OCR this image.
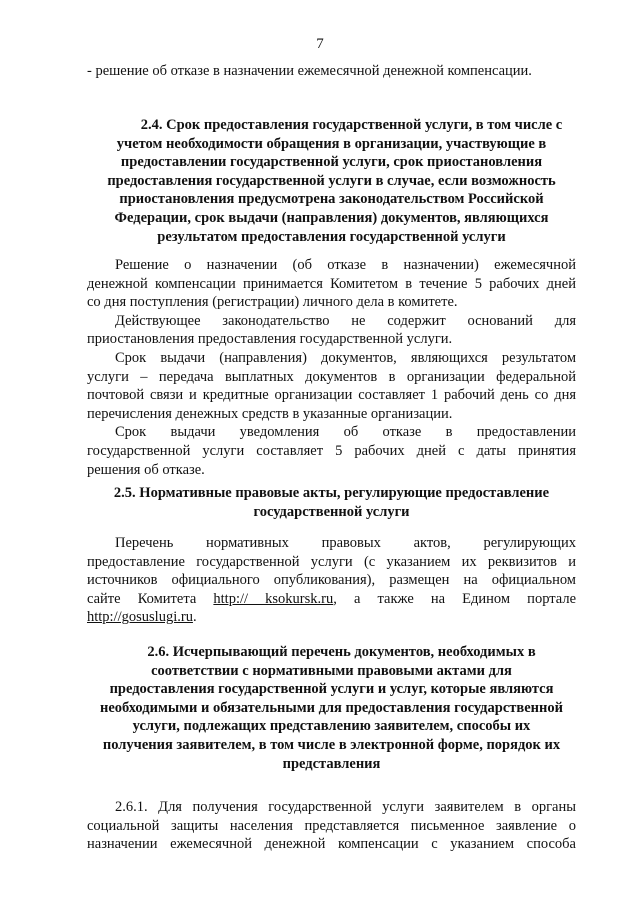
7
- решение об отказе в назначении ежемесячной денежной компенсации.
2.4. Срок предоставления государственной услуги, в том числе с
учетом необходимости обращения в организации, участвующие в
предоставлении государственной услуги, срок приостановления
предоставления государственной услуги в случае, если возможность
приостановления предусмотрена законодательством Российской
Федерации, срок выдачи (направления) документов, являющихся
результатом предоставления государственной услуги
Решение о назначении (об отказе в назначении) ежемесячной
денежной компенсации принимается Комитетом в течение 5 рабочих дней
со дня поступления (регистрации) личного дела в комитете.
Действующее законодательство не содержит оснований для
приостановления предоставления государственной услуги.
Срок выдачи (направления) документов, являющихся результатом
услуги – передача выплатных документов в организации федеральной
почтовой связи и кредитные организации составляет 1 рабочий день со дня
перечисления денежных средств в указанные организации.
Срок выдачи уведомления об отказе в предоставлении
государственной услуги составляет 5 рабочих дней с даты принятия
решения об отказе.
2.5. Нормативные правовые акты, регулирующие предоставление
государственной услуги
Перечень нормативных правовых актов, регулирующих
предоставление государственной услуги (с указанием их реквизитов и
источников официального опубликования), размещен на официальном
сайте Комитета http:// ksokursk.ru, а также на Едином портале
http://gosuslugi.ru.
2.6. Исчерпывающий перечень документов, необходимых в
соответствии с нормативными правовыми актами для
предоставления государственной услуги и услуг, которые являются
необходимыми и обязательными для предоставления государственной
услуги, подлежащих представлению заявителем, способы их
получения заявителем, в том числе в электронной форме, порядок их
представления
2.6.1. Для получения государственной услуги заявителем в органы
социальной защиты населения представляется письменное заявление о
назначении ежемесячной денежной компенсации с указанием способа
